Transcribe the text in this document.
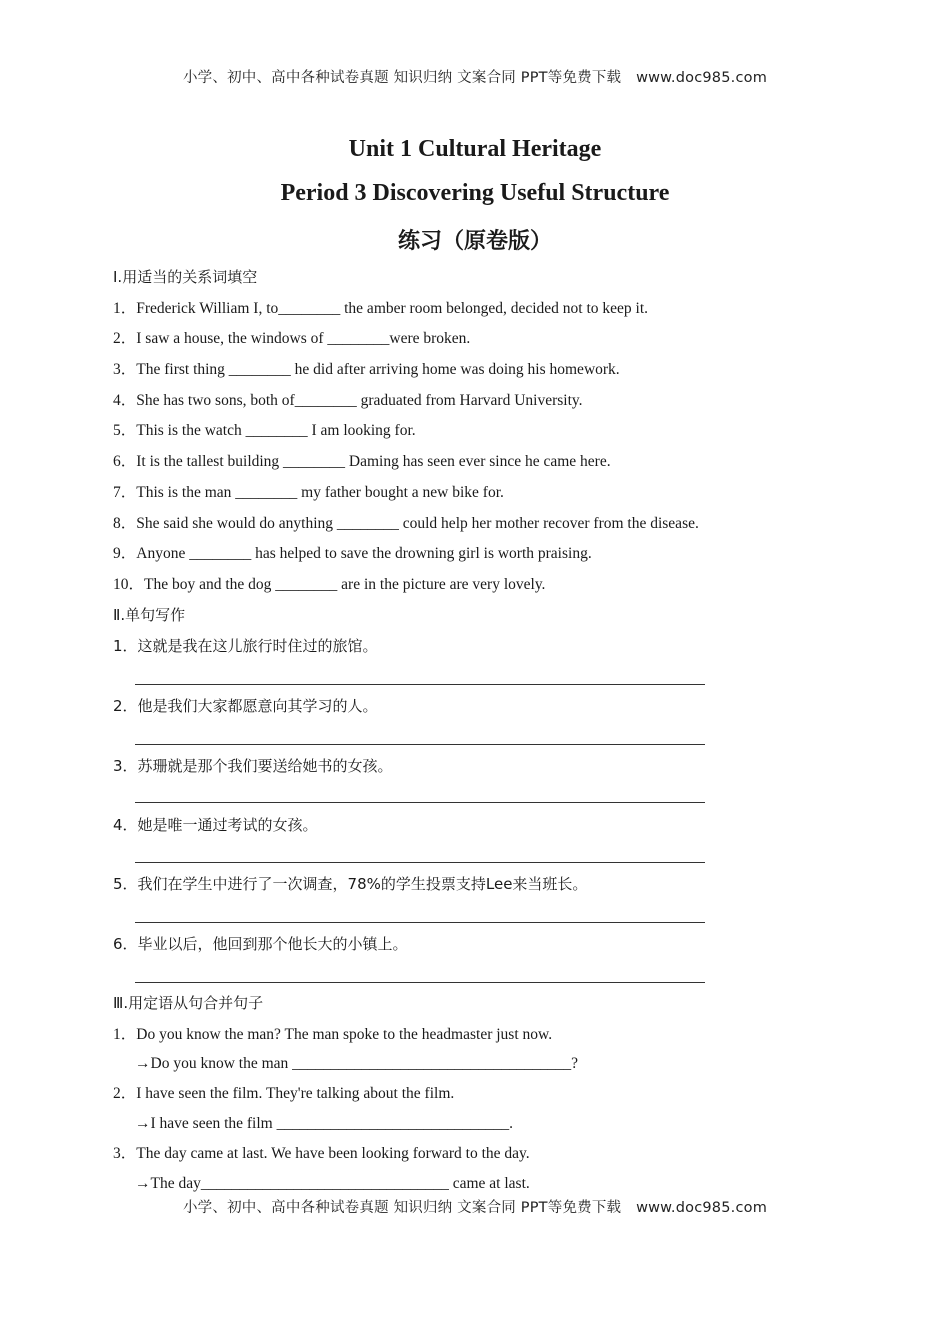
小学、初中、高中各种试卷真题 知识归纳 文案合同 PPT等免费下载 www.doc985.com
Unit 1 Cultural Heritage
Period 3 Discovering Useful Structure
练习（原卷版）
Ⅰ.用适当的关系词填空
1．Frederick William I, to________ the amber room belonged, decided not to keep it.
2．I saw a house, the windows of ________were broken.
3．The first thing ________ he did after arriving home was doing his homework.
4．She has two sons, both of________ graduated from Harvard University.
5．This is the watch ________ I am looking for.
6．It is the tallest building ________ Daming has seen ever since he came here.
7．This is the man ________ my father bought a new bike for.
8．She said she would do anything ________ could help her mother recover from the disease.
9．Anyone ________ has helped to save the drowning girl is worth praising.
10．The boy and the dog ________ are in the picture are very lovely.
Ⅱ.单句写作
1．这就是我在这儿旅行时住过的旅馆。
2．他是我们大家都愿意向其学习的人。
3．苏珊就是那个我们要送给她书的女孩。
4．她是唯一通过考试的女孩。
5．我们在学生中进行了一次调查，78%的学生投票支持Lee来当班长。
6．毕业以后，他回到那个他长大的小镇上。
Ⅲ.用定语从句合并句子
1．Do you know the man? The man spoke to the headmaster just now.
→Do you know the man ____________________________________?
2．I have seen the film. They're talking about the film.
→I have seen the film ______________________________.
3．The day came at last. We have been looking forward to the day.
→The day________________________________ came at last.
小学、初中、高中各种试卷真题 知识归纳 文案合同 PPT等免费下载 www.doc985.com
